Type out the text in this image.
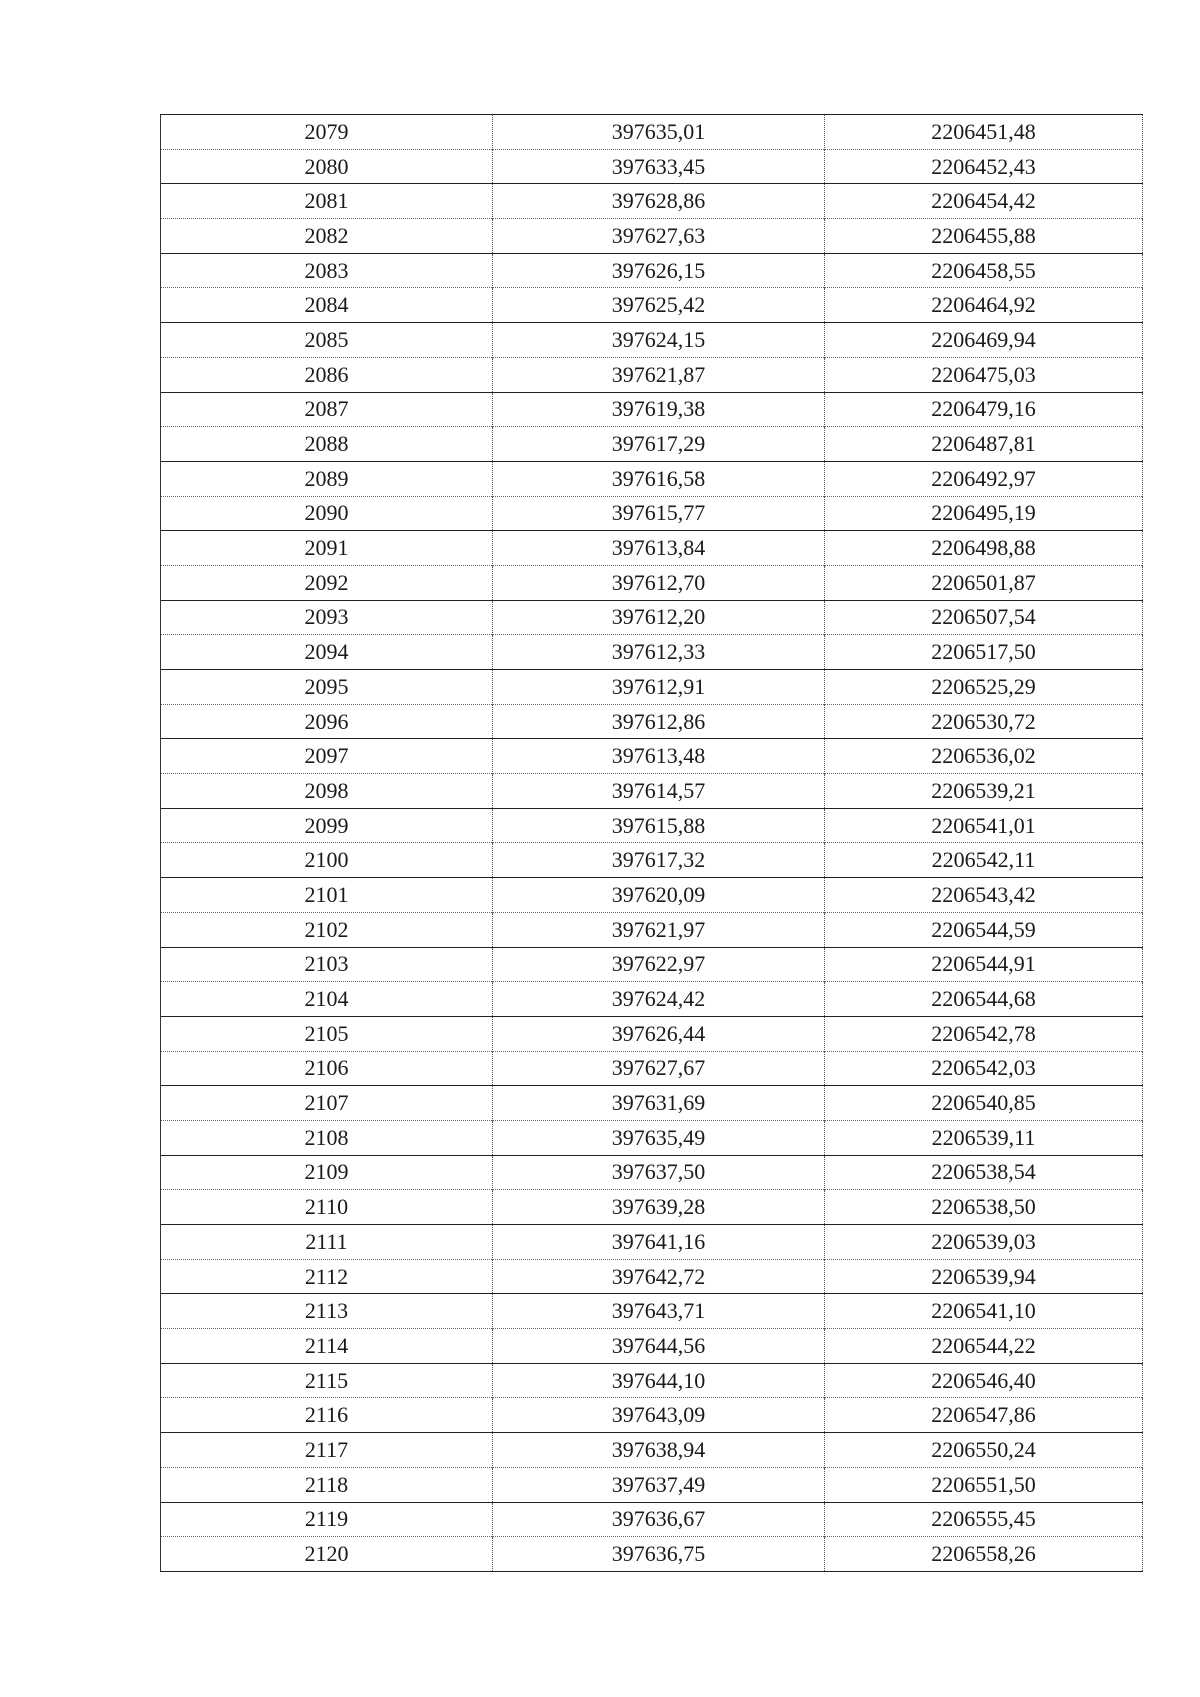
2079	397635,01	2206451,48
2080	397633,45	2206452,43
2081	397628,86	2206454,42
2082	397627,63	2206455,88
2083	397626,15	2206458,55
2084	397625,42	2206464,92
2085	397624,15	2206469,94
2086	397621,87	2206475,03
2087	397619,38	2206479,16
2088	397617,29	2206487,81
2089	397616,58	2206492,97
2090	397615,77	2206495,19
2091	397613,84	2206498,88
2092	397612,70	2206501,87
2093	397612,20	2206507,54
2094	397612,33	2206517,50
2095	397612,91	2206525,29
2096	397612,86	2206530,72
2097	397613,48	2206536,02
2098	397614,57	2206539,21
2099	397615,88	2206541,01
2100	397617,32	2206542,11
2101	397620,09	2206543,42
2102	397621,97	2206544,59
2103	397622,97	2206544,91
2104	397624,42	2206544,68
2105	397626,44	2206542,78
2106	397627,67	2206542,03
2107	397631,69	2206540,85
2108	397635,49	2206539,11
2109	397637,50	2206538,54
2110	397639,28	2206538,50
2111	397641,16	2206539,03
2112	397642,72	2206539,94
2113	397643,71	2206541,10
2114	397644,56	2206544,22
2115	397644,10	2206546,40
2116	397643,09	2206547,86
2117	397638,94	2206550,24
2118	397637,49	2206551,50
2119	397636,67	2206555,45
2120	397636,75	2206558,26
